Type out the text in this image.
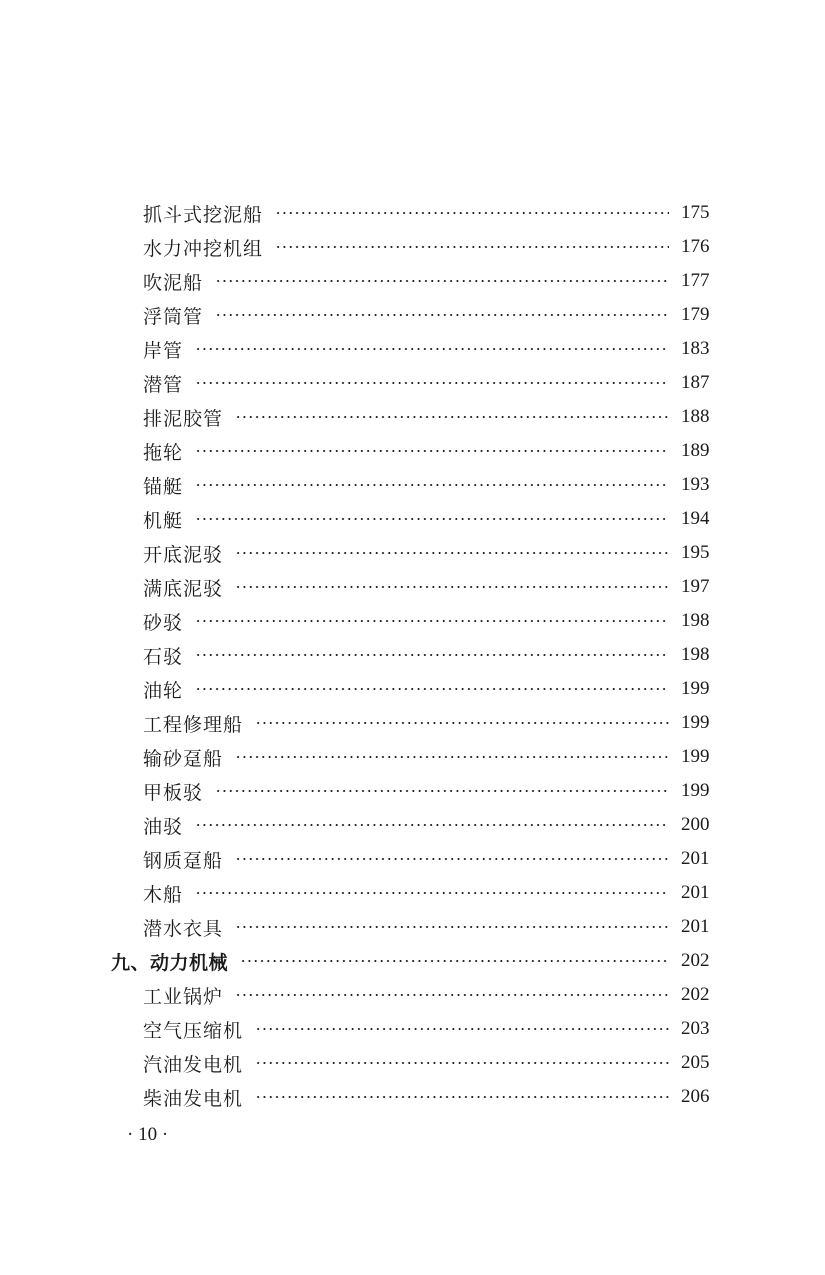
抓斗式挖泥船	175
水力冲挖机组	176
吹泥船	177
浮筒管	179
岸管	183
潜管	187
排泥胶管	188
拖轮	189
锚艇	193
机艇	194
开底泥驳	195
满底泥驳	197
砂驳	198
石驳	198
油轮	199
工程修理船	199
输砂趸船	199
甲板驳	199
油驳	200
钢质趸船	201
木船	201
潜水衣具	201
九、动力机械	202
工业锅炉	202
空气压缩机	203
汽油发电机	205
柴油发电机	206
· 10 ·
